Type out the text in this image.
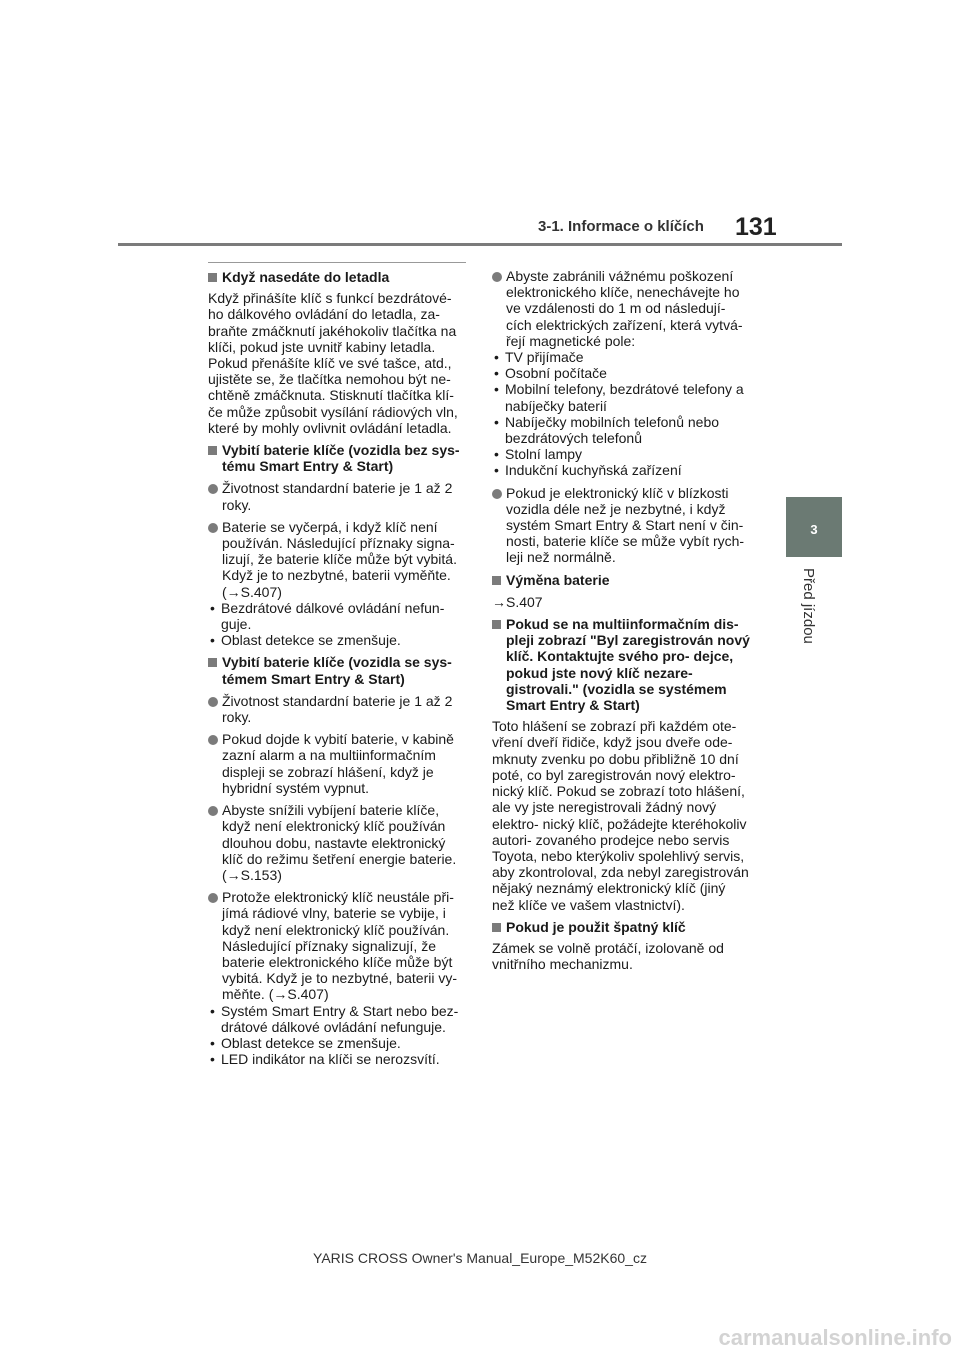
3-1. Informace o klíčích 131
3
Před jízdou
Když nasedáte do letadla
Když přinášíte klíč s funkcí bezdrátové- ho dálkového ovládání do letadla, za- braňte zmáčknutí jakéhokoliv tlačítka na klíči, pokud jste uvnitř kabiny letadla. Pokud přenášíte klíč ve své tašce, atd., ujistěte se, že tlačítka nemohou být ne- chtěně zmáčknuta. Stisknutí tlačítka klí- če může způsobit vysílání rádiových vln, které by mohly ovlivnit ovládání letadla.
Vybití baterie klíče (vozidla bez sys- tému Smart Entry & Start)
Životnost standardní baterie je 1 až 2 roky.
Baterie se vyčerpá, i když klíč není používán. Následující příznaky signa- lizují, že baterie klíče může být vybitá. Když je to nezbytné, baterii vyměňte. (→S.407)
• Bezdrátové dálkové ovládání nefun- guje.
• Oblast detekce se zmenšuje.
Vybití baterie klíče (vozidla se sys- témem Smart Entry & Start)
Životnost standardní baterie je 1 až 2 roky.
Pokud dojde k vybití baterie, v kabině zazní alarm a na multiinformačním displeji se zobrazí hlášení, když je hybridní systém vypnut.
Abyste snížili vybíjení baterie klíče, když není elektronický klíč používán dlouhou dobu, nastavte elektronický klíč do režimu šetření energie baterie. (→S.153)
Protože elektronický klíč neustále při- jímá rádiové vlny, baterie se vybije, i když není elektronický klíč používán. Následující příznaky signalizují, že baterie elektronického klíče může být vybitá. Když je to nezbytné, baterii vy- měňte. (→S.407)
• Systém Smart Entry & Start nebo bez- drátové dálkové ovládání nefunguje.
• Oblast detekce se zmenšuje.
• LED indikátor na klíči se nerozsvítí.
Abyste zabránili vážnému poškození elektronického klíče, nenechávejte ho ve vzdálenosti do 1 m od následují- cích elektrických zařízení, která vytvá- řejí magnetické pole:
• TV přijímače
• Osobní počítače
• Mobilní telefony, bezdrátové telefony a nabíječky baterií
• Nabíječky mobilních telefonů nebo bezdrátových telefonů
• Stolní lampy
• Indukční kuchyňská zařízení
Pokud je elektronický klíč v blízkosti vozidla déle než je nezbytné, i když systém Smart Entry & Start není v čin- nosti, baterie klíče se může vybít rych- leji než normálně.
Výměna baterie
→S.407
Pokud se na multiinformačním dis- pleji zobrazí "Byl zaregistrován nový klíč. Kontaktujte svého pro- dejce, pokud jste nový klíč nezare- gistrovali." (vozidla se systémem Smart Entry & Start)
Toto hlášení se zobrazí při každém ote- vření dveří řidiče, když jsou dveře ode- mknuty zvenku po dobu přibližně 10 dní poté, co byl zaregistrován nový elektro- nický klíč. Pokud se zobrazí toto hlášení, ale vy jste neregistrovali žádný nový elektro- nický klíč, požádejte kteréhokoliv autori- zovaného prodejce nebo servis Toyota, nebo kterýkoliv spolehlivý servis, aby zkontroloval, zda nebyl zaregistrován nějaký neznámý elektronický klíč (jiný než klíče ve vašem vlastnictví).
Pokud je použit špatný klíč
Zámek se volně protáčí, izolovaně od vnitřního mechanizmu.
YARIS CROSS Owner's Manual_Europe_M52K60_cz
carmanualsonline.info
